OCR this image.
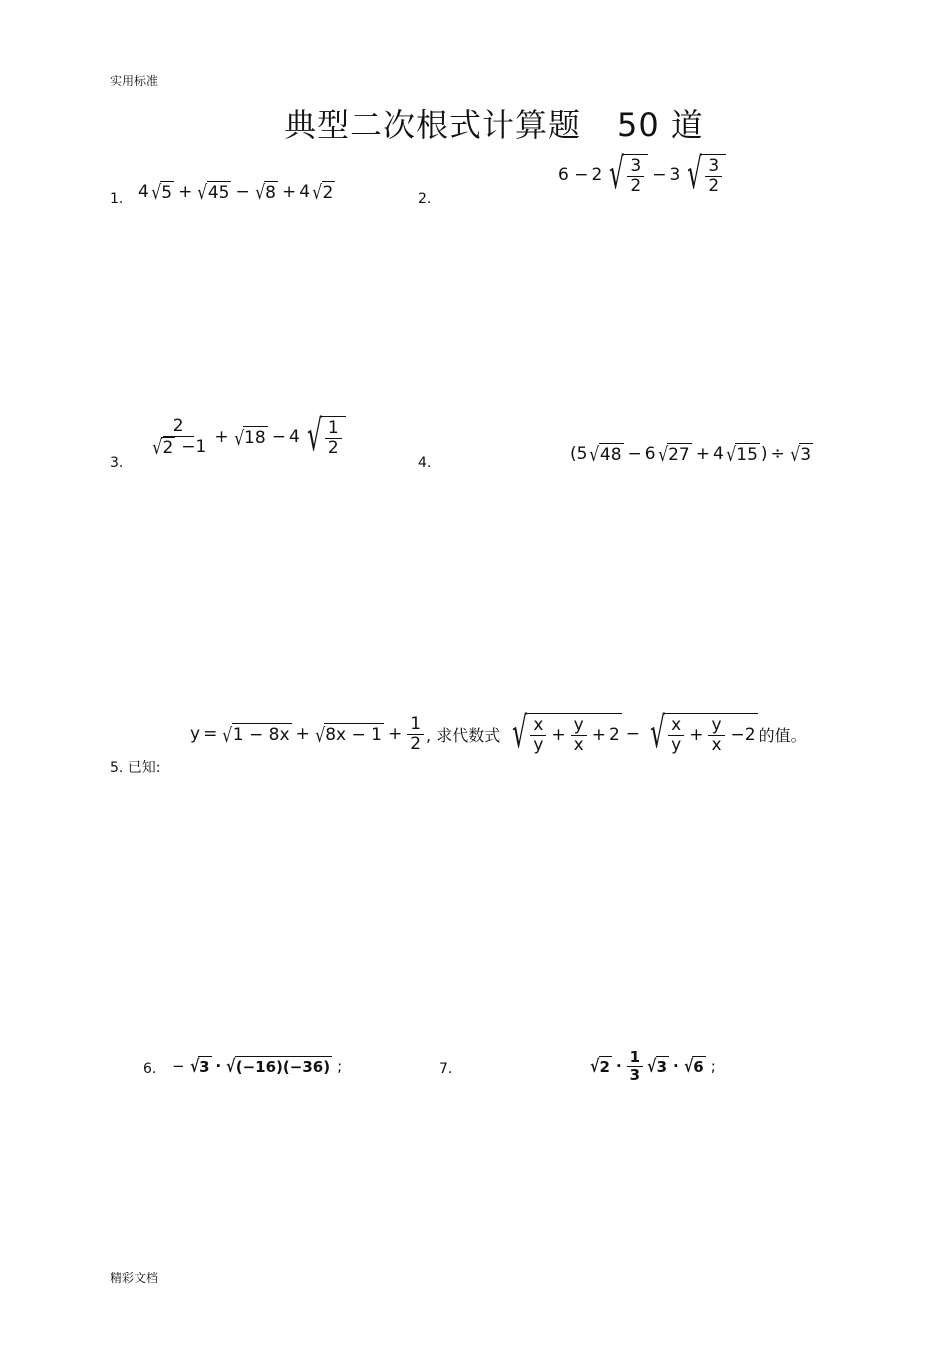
实用标准
典型二次根式计算题 50 道
1. 4 √ 5 + √ 45 − √ 8 + 4 √ 2	2.
6 − 2 √ $\frac{3}{2} - 3$ √ $\frac{3}{2}$
3.
$\frac{2}{√ 2 -1}$ + √ 18 − 4 √ $\frac{1}{2}$
4.	(5 √ 48 − 6 √ 27 + 4 √ 15 ) ÷ √ 3
5. 已知:
y = √ 1 − 8x + √ $8x - 1 + \frac{1}{2}$ , 求代数式 √ $\frac{x}{y} + \frac{y}{x} + 2$ − √ $\frac{x}{y} + \frac{y}{x} -2$ 的值。
6. − √ 3 · √ (−16)(−36) ;	7.	√ $2 \cdot \frac{1}{3}$ √ 3 · √ 6 ;
精彩文档
